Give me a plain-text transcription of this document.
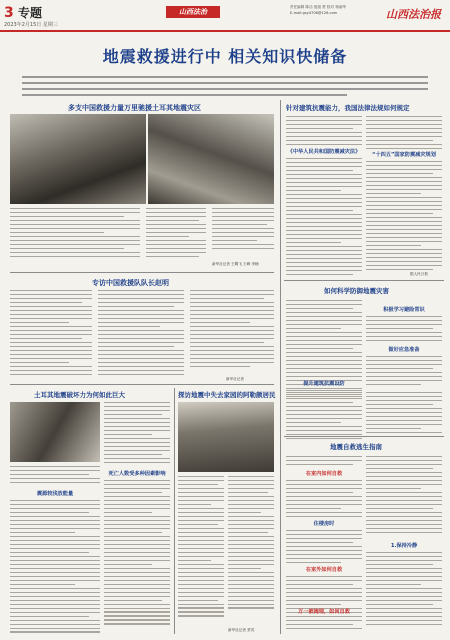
3 专题
2023年2月15日 星期三
山西法治	责任编辑 陈洁 组版 贾 校对 杨丽华
E-mail:gsy4706@126.com	山西法治报
地震救援进行中 相关知识快储备
多支中国救援力量万里驰援土耳其地震灾区
新华社记者 王腾飞 王峰 李楠
专访中国救援队队长赵明
新华社记者
土耳其地震破坏力为何如此巨大
震源较浅放能量
死亡人数受多种因素影响
探访地震中失去家园的阿勒颇居民
新华社记者 蔡英
针对建筑抗震能力，我国法律法规如何规定
《中华人民共和国防震减灾法》	“十四五”国家防震减灾规划
据人民日报
如何科学防御地震灾害
积极学习避险常识
做好应急准备
提升建筑抗震设防
地震自救逃生指南
在室内如何自救
住楼房时
在室外如何自救
万一被掩埋，如何自救
1.保持冷静
